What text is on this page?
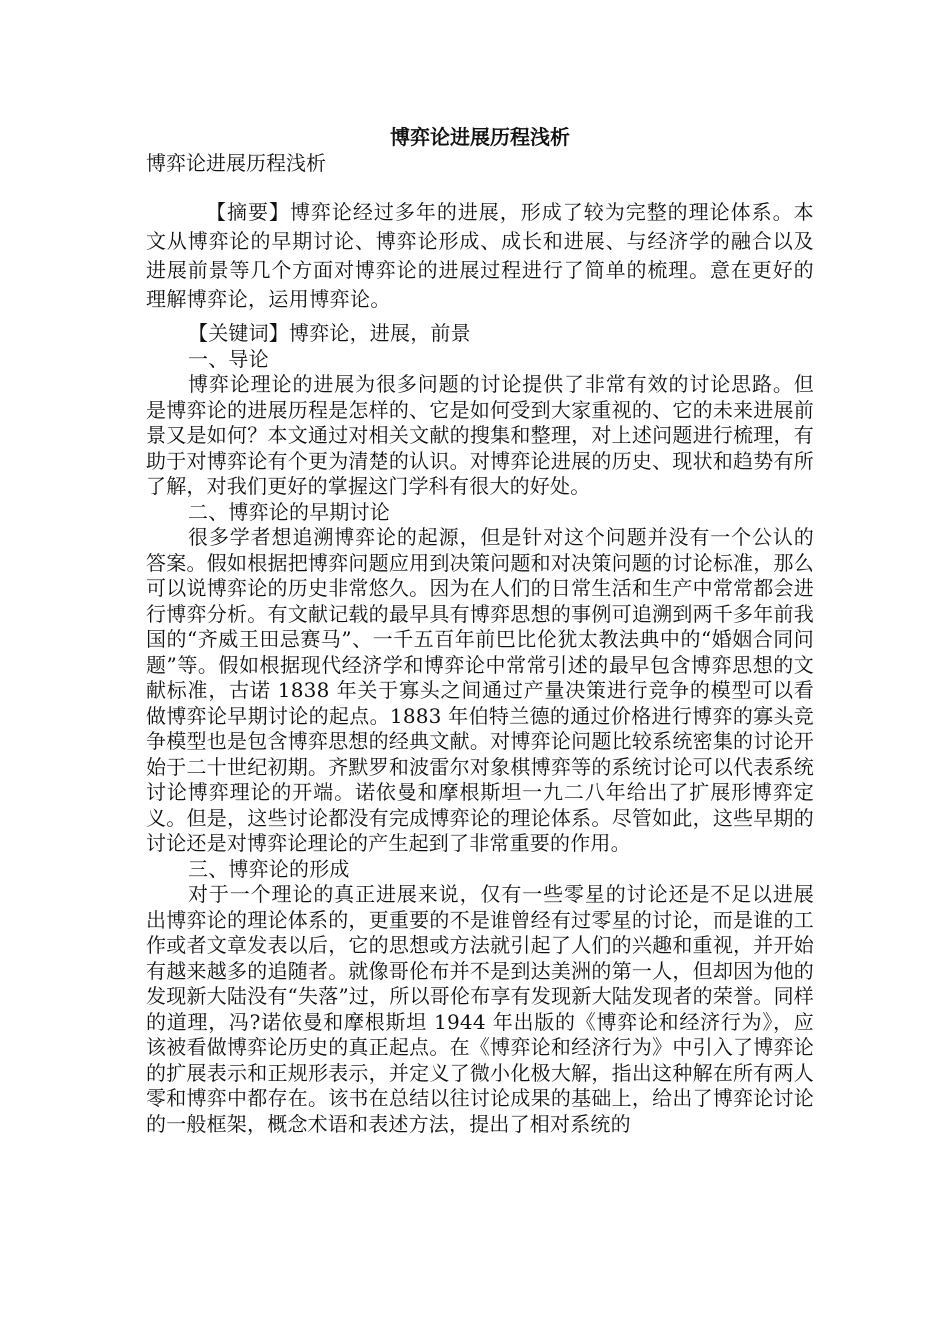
博弈论进展历程浅析
博弈论进展历程浅析
【摘要】博弈论经过多年的进展，形成了较为完整的理论体系。本文从博弈论的早期讨论、博弈论形成、成长和进展、与经济学的融合以及进展前景等几个方面对博弈论的进展过程进行了简单的梳理。意在更好的理解博弈论，运用博弈论。

【关键词】博弈论，进展，前景

一、导论

博弈论理论的进展为很多问题的讨论提供了非常有效的讨论思路。但是博弈论的进展历程是怎样的、它是如何受到大家重视的、它的未来进展前景又是如何？本文通过对相关文献的搜集和整理，对上述问题进行梳理，有助于对博弈论有个更为清楚的认识。对博弈论进展的历史、现状和趋势有所了解，对我们更好的掌握这门学科有很大的好处。

二、博弈论的早期讨论

很多学者想追溯博弈论的起源，但是针对这个问题并没有一个公认的答案。假如根据把博弈问题应用到决策问题和对决策问题的讨论标准，那么可以说博弈论的历史非常悠久。因为在人们的日常生活和生产中常常都会进行博弈分析。有文献记载的最早具有博弈思想的事例可追溯到两千多年前我国的“齐威王田忌赛马”、一千五百年前巴比伦犹太教法典中的“婚姻合同问题”等。假如根据现代经济学和博弈论中常常引述的最早包含博弈思想的文献标准，古诺 1838 年关于寡头之间通过产量决策进行竞争的模型可以看做博弈论早期讨论的起点。1883 年伯特兰德的通过价格进行博弈的寡头竞争模型也是包含博弈思想的经典文献。对博弈论问题比较系统密集的讨论开始于二十世纪初期。齐默罗和波雷尔对象棋博弈等的系统讨论可以代表系统讨论博弈理论的开端。诺依曼和摩根斯坦一九二八年给出了扩展形博弈定义。但是，这些讨论都没有完成博弈论的理论体系。尽管如此，这些早期的讨论还是对博弈论理论的产生起到了非常重要的作用。

三、博弈论的形成

对于一个理论的真正进展来说，仅有一些零星的讨论还是不足以进展出博弈论的理论体系的，更重要的不是谁曾经有过零星的讨论，而是谁的工作或者文章发表以后，它的思想或方法就引起了人们的兴趣和重视，并开始有越来越多的追随者。就像哥伦布并不是到达美洲的第一人，但却因为他的发现新大陆没有“失落”过，所以哥伦布享有发现新大陆发现者的荣誉。同样的道理，冯?诺依曼和摩根斯坦 1944 年出版的《博弈论和经济行为》，应该被看做博弈论历史的真正起点。在《博弈论和经济行为》中引入了博弈论的扩展表示和正规形表示，并定义了微小化极大解，指出这种解在所有两人零和博弈中都存在。该书在总结以往讨论成果的基础上，给出了博弈论讨论的一般框架，概念术语和表述方法，提出了相对系统的
